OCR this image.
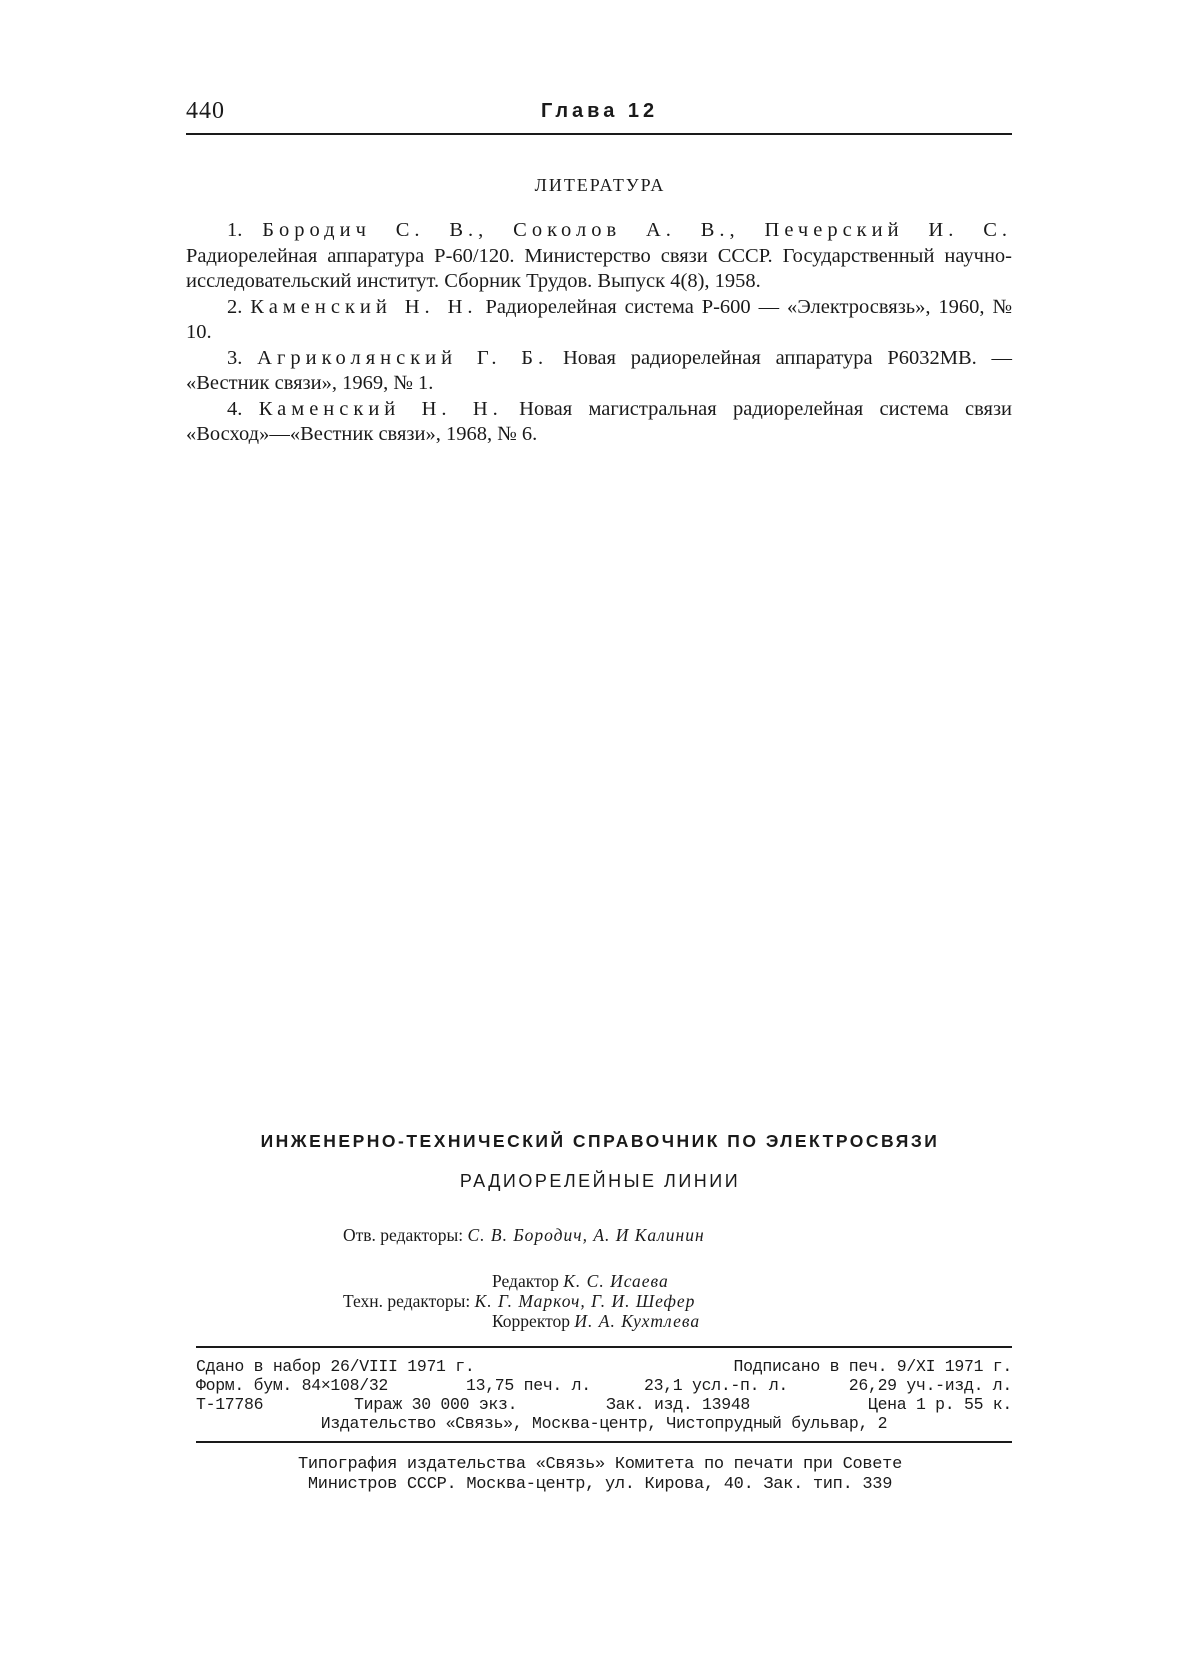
440	Глава 12
ЛИТЕРАТУРА

1. Бородич С. В., Соколов А. В., Печерский И. С. Радиорелейная аппаратура Р-60/120. Министерство связи СССР. Государственный научно-исследовательский институт. Сборник Трудов. Выпуск 4(8), 1958.

2. Каменский Н. Н. Радиорелейная система Р-600 — «Электросвязь», 1960, № 10.

3. Агриколянский Г. Б. Новая радиорелейная аппаратура Р6032МВ. — «Вестник связи», 1969, № 1.

4. Каменский Н. Н. Новая магистральная радиорелейная система связи «Восход»—«Вестник связи», 1968, № 6.

ИНЖЕНЕРНО-ТЕХНИЧЕСКИЙ СПРАВОЧНИК ПО ЭЛЕКТРОСВЯЗИ
РАДИОРЕЛЕЙНЫЕ ЛИНИИ
Отв. редакторы: С. В. Бородич, А. И Калинин
Редактор К. С. Исаева
Техн. редакторы: К. Г. Маркоч, Г. И. Шефер
Корректор И. А. Кухтлева
Сдано в набор 26/VIII 1971 г.	Подписано в печ. 9/XI 1971 г.
Форм. бум. 84×108/32	13,75 печ. л.	23,1 усл.-п. л.	26,29 уч.-изд. л.
Т-17786	Тираж 30 000 экз.	Зак. изд. 13948	Цена 1 р. 55 к.
Издательство «Связь», Москва-центр, Чистопрудный бульвар, 2
Типография издательства «Связь» Комитета по печати при Совете
Министров СССР. Москва-центр, ул. Кирова, 40. Зак. тип. 339
